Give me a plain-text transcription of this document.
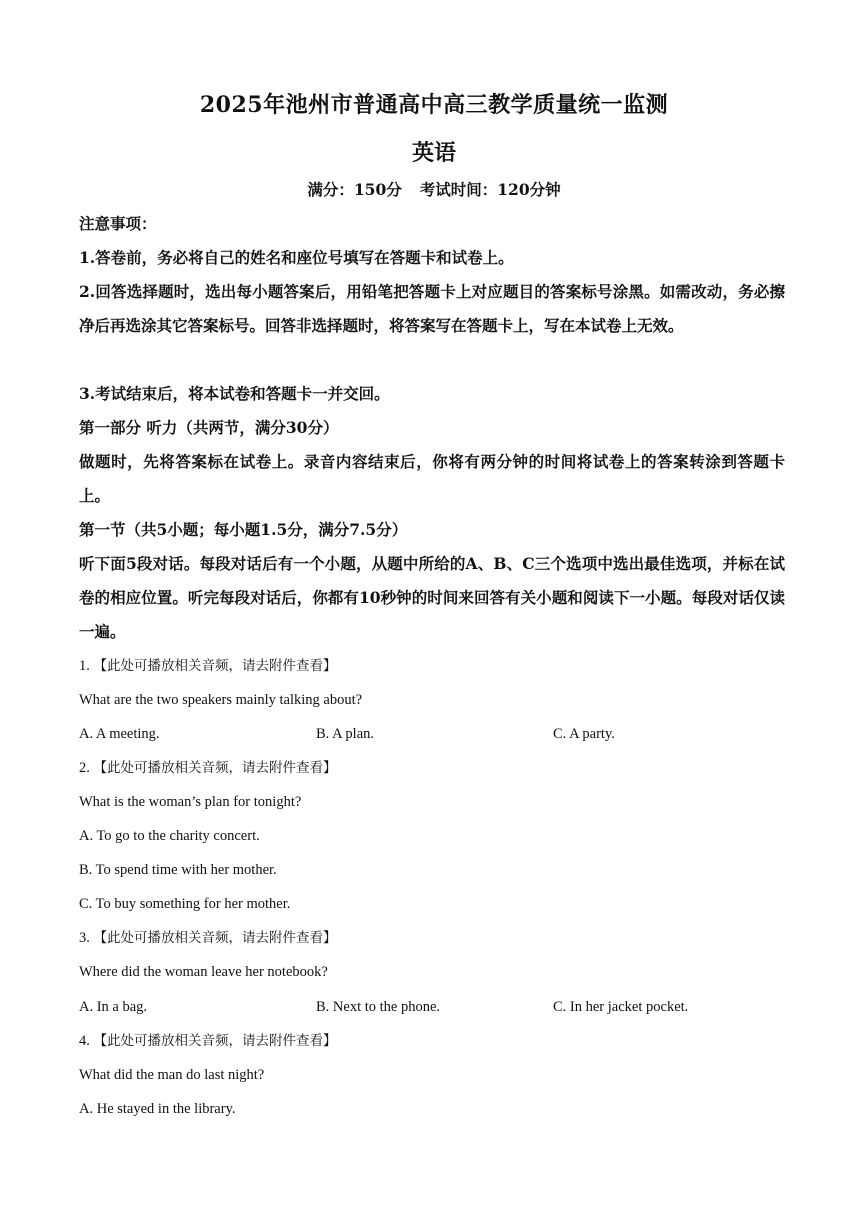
2025年池州市普通高中高三教学质量统一监测
英语
满分：150分 考试时间：120分钟
注意事项：
1.答卷前，务必将自己的姓名和座位号填写在答题卡和试卷上。
2.回答选择题时，选出每小题答案后，用铅笔把答题卡上对应题目的答案标号涂黑。如需改动，务必擦净后再选涂其它答案标号。回答非选择题时，将答案写在答题卡上，写在本试卷上无效。
3.考试结束后，将本试卷和答题卡一并交回。
第一部分 听力（共两节，满分30分）
做题时，先将答案标在试卷上。录音内容结束后，你将有两分钟的时间将试卷上的答案转涂到答题卡上。
第一节（共5小题；每小题1.5分，满分7.5分）
听下面5段对话。每段对话后有一个小题，从题中所给的A、B、C三个选项中选出最佳选项，并标在试卷的相应位置。听完每段对话后，你都有10秒钟的时间来回答有关小题和阅读下一小题。每段对话仅读一遍。
1. 【此处可播放相关音频，请去附件查看】
What are the two speakers mainly talking about?
A. A meeting.	B. A plan.	C. A party.
2. 【此处可播放相关音频，请去附件查看】
What is the woman’s plan for tonight?
A. To go to the charity concert.
B. To spend time with her mother.
C. To buy something for her mother.
3. 【此处可播放相关音频，请去附件查看】
Where did the woman leave her notebook?
A. In a bag.	B. Next to the phone.	C. In her jacket pocket.
4. 【此处可播放相关音频，请去附件查看】
What did the man do last night?
A. He stayed in the library.
